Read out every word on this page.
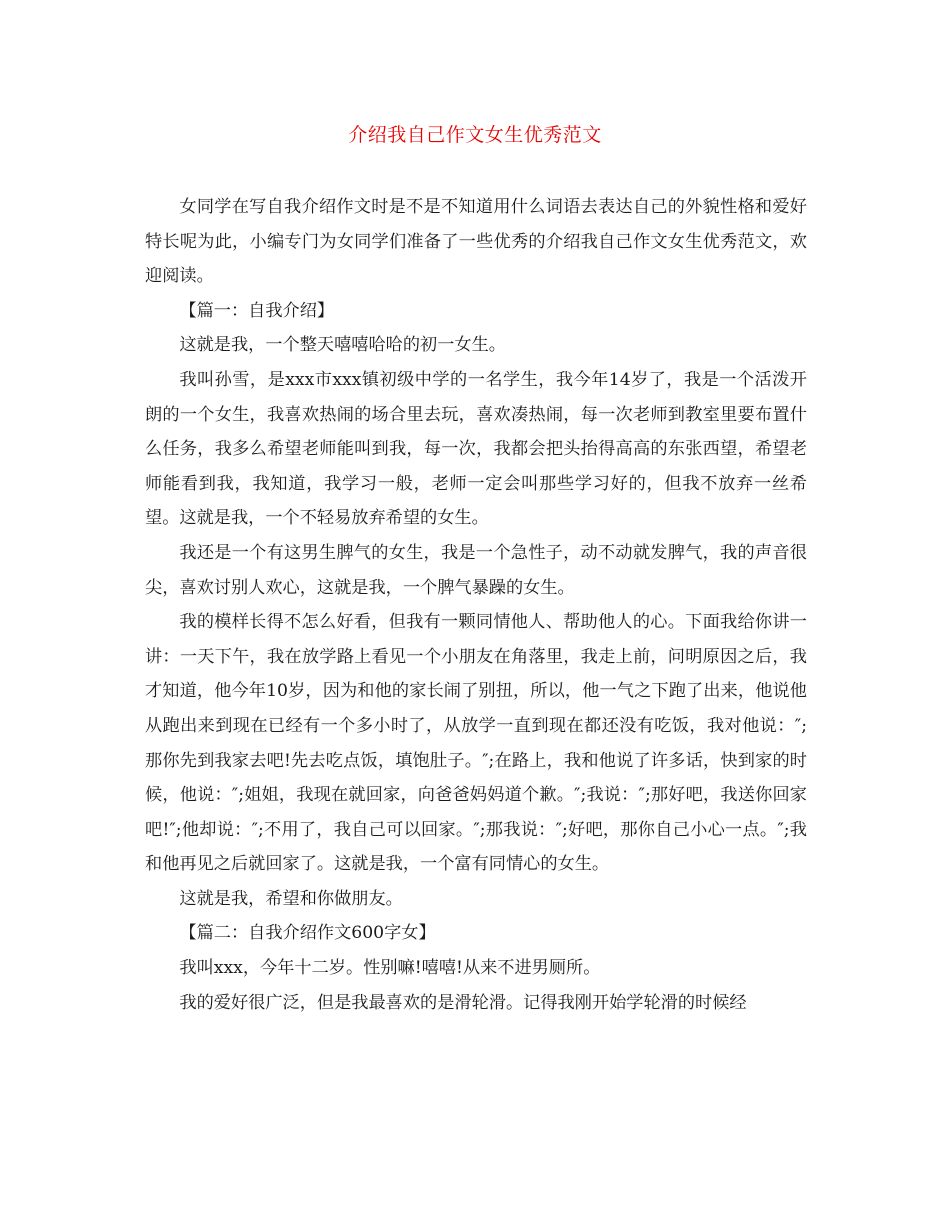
介绍我自己作文女生优秀范文

女同学在写自我介绍作文时是不是不知道用什么词语去表达自己的外貌性格和爱好特长呢为此，小编专门为女同学们准备了一些优秀的介绍我自己作文女生优秀范文，欢迎阅读。

【篇一：自我介绍】

这就是我，一个整天嘻嘻哈哈的初一女生。

我叫孙雪，是xxx市xxx镇初级中学的一名学生，我今年14岁了，我是一个活泼开朗的一个女生，我喜欢热闹的场合里去玩，喜欢凑热闹，每一次老师到教室里要布置什么任务，我多么希望老师能叫到我，每一次，我都会把头抬得高高的东张西望，希望老师能看到我，我知道，我学习一般，老师一定会叫那些学习好的，但我不放弃一丝希望。这就是我，一个不轻易放弃希望的女生。

我还是一个有这男生脾气的女生，我是一个急性子，动不动就发脾气，我的声音很尖，喜欢讨别人欢心，这就是我，一个脾气暴躁的女生。

我的模样长得不怎么好看，但我有一颗同情他人、帮助他人的心。下面我给你讲一讲：一天下午，我在放学路上看见一个小朋友在角落里，我走上前，问明原因之后，我才知道，他今年10岁，因为和他的家长闹了别扭，所以，他一气之下跑了出来，他说他从跑出来到现在已经有一个多小时了，从放学一直到现在都还没有吃饭，我对他说：″;那你先到我家去吧!先去吃点饭，填饱肚子。″;在路上，我和他说了许多话，快到家的时候，他说：″;姐姐，我现在就回家，向爸爸妈妈道个歉。″;我说：″;那好吧，我送你回家吧!″;他却说：″;不用了，我自己可以回家。″;那我说：″;好吧，那你自己小心一点。″;我和他再见之后就回家了。这就是我，一个富有同情心的女生。

这就是我，希望和你做朋友。

【篇二：自我介绍作文600字女】

我叫xxx，今年十二岁。性别嘛!嘻嘻!从来不进男厕所。

我的爱好很广泛，但是我最喜欢的是滑轮滑。记得我刚开始学轮滑的时候经
